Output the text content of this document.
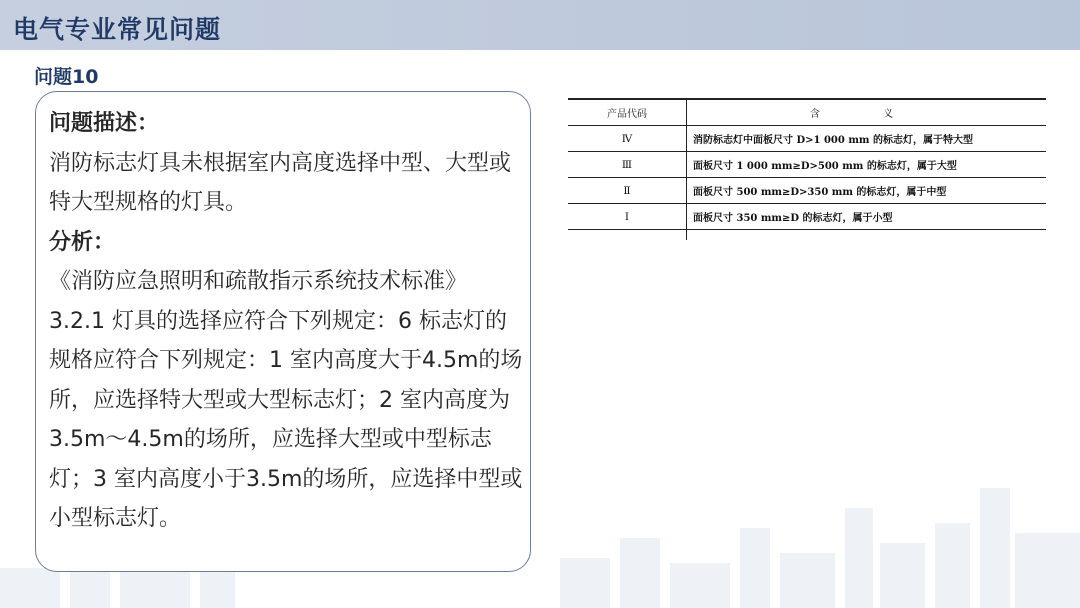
电气专业常见问题
问题10

问题描述：

消防标志灯具未根据室内高度选择中型、大型或特大型规格的灯具。

分析：

《消防应急照明和疏散指示系统技术标准》

3.2.1 灯具的选择应符合下列规定：6 标志灯的规格应符合下列规定：1 室内高度大于4.5m的场所，应选择特大型或大型标志灯；2 室内高度为3.5m～4.5m的场所，应选择大型或中型标志灯；3 室内高度小于3.5m的场所，应选择中型或小型标志灯。

产品代码	含 义
Ⅳ	消防标志灯中面板尺寸 D>1 000 mm 的标志灯，属于特大型
Ⅲ	面板尺寸 1 000 mm≥D>500 mm 的标志灯，属于大型
Ⅱ	面板尺寸 500 mm≥D>350 mm 的标志灯，属于中型
Ⅰ	面板尺寸 350 mm≥D 的标志灯，属于小型
